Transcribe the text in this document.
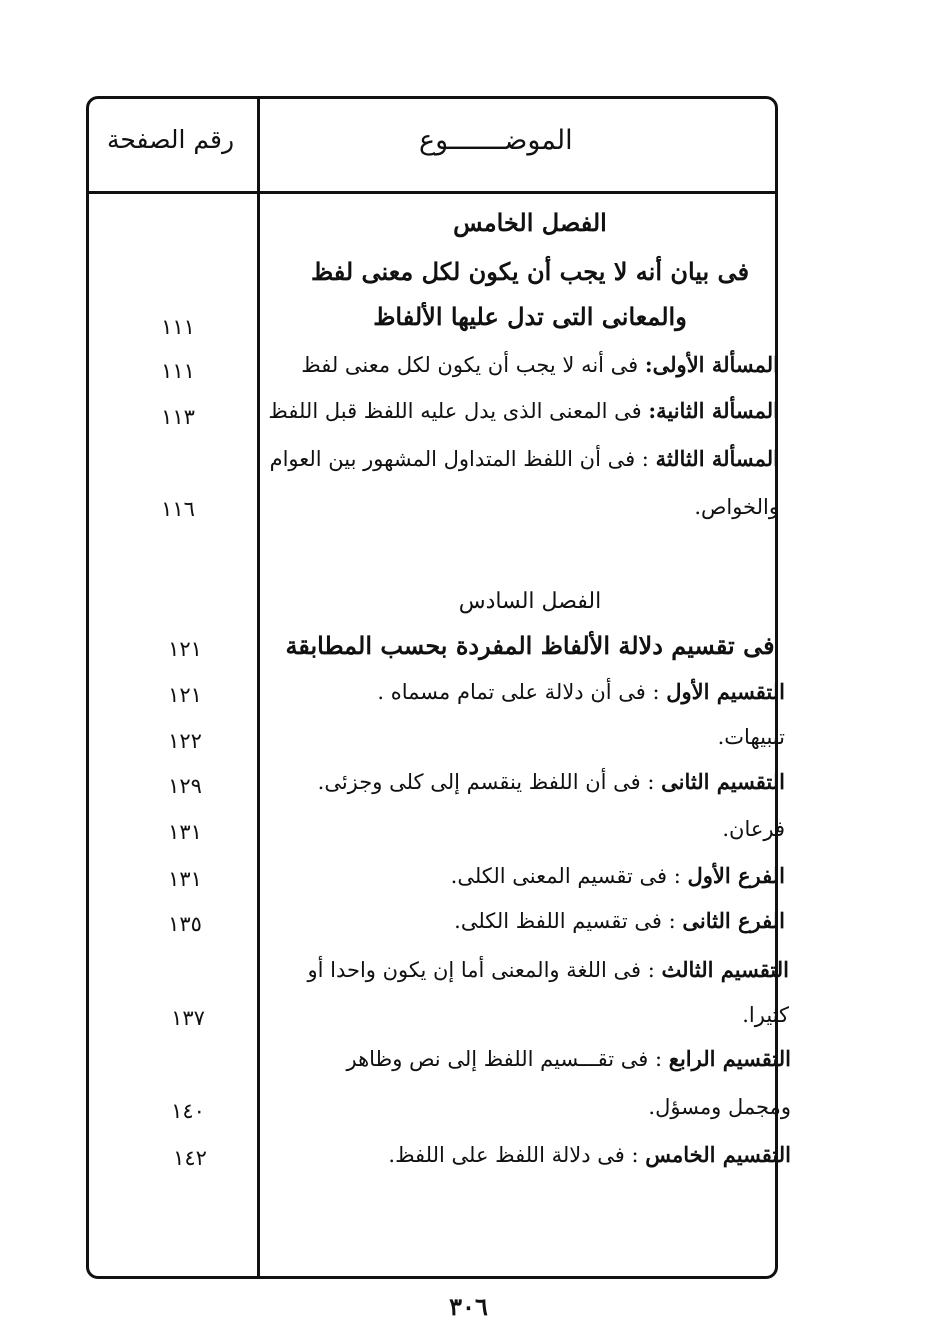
الموضـــــــوع
رقم الصفحة
الفصل الخامس
فى بيان أنه لا يجب أن يكون لكل معنى لفظ
والمعانى التى تدل عليها الألفاظ
المسألة الأولى: فى أنه لا يجب أن يكون لكل معنى لفظ
المسألة الثانية: فى المعنى الذى يدل عليه اللفظ قبل اللفظ
المسألة الثالثة : فى أن اللفظ المتداول المشهور بين العوام
والخواص.
الفصل السادس
فى تقسيم دلالة الألفاظ المفردة بحسب المطابقة
التقسيم الأول : فى أن دلالة على تمام مسماه .
تنبيهات.
التقسيم الثانى : فى أن اللفظ ينقسم إلى كلى وجزئى.
فرعان.
الفرع الأول : فى تقسيم المعنى الكلى.
الفرع الثانى : فى تقسيم اللفظ الكلى.
التقسيم الثالث : فى اللغة والمعنى أما إن يكون واحدا أو
كثيرا.
التقسيم الرابع : فى تقـــسيم اللفظ إلى نص وظاهر
ومجمل ومسؤل.
التقسيم الخامس : فى دلالة اللفظ على اللفظ.
١١١
١١١
١١٣
١١٦
١٢١
١٢١
١٢٢
١٢٩
١٣١
١٣١
١٣٥
١٣٧
١٤٠
١٤٢
٣٠٦
